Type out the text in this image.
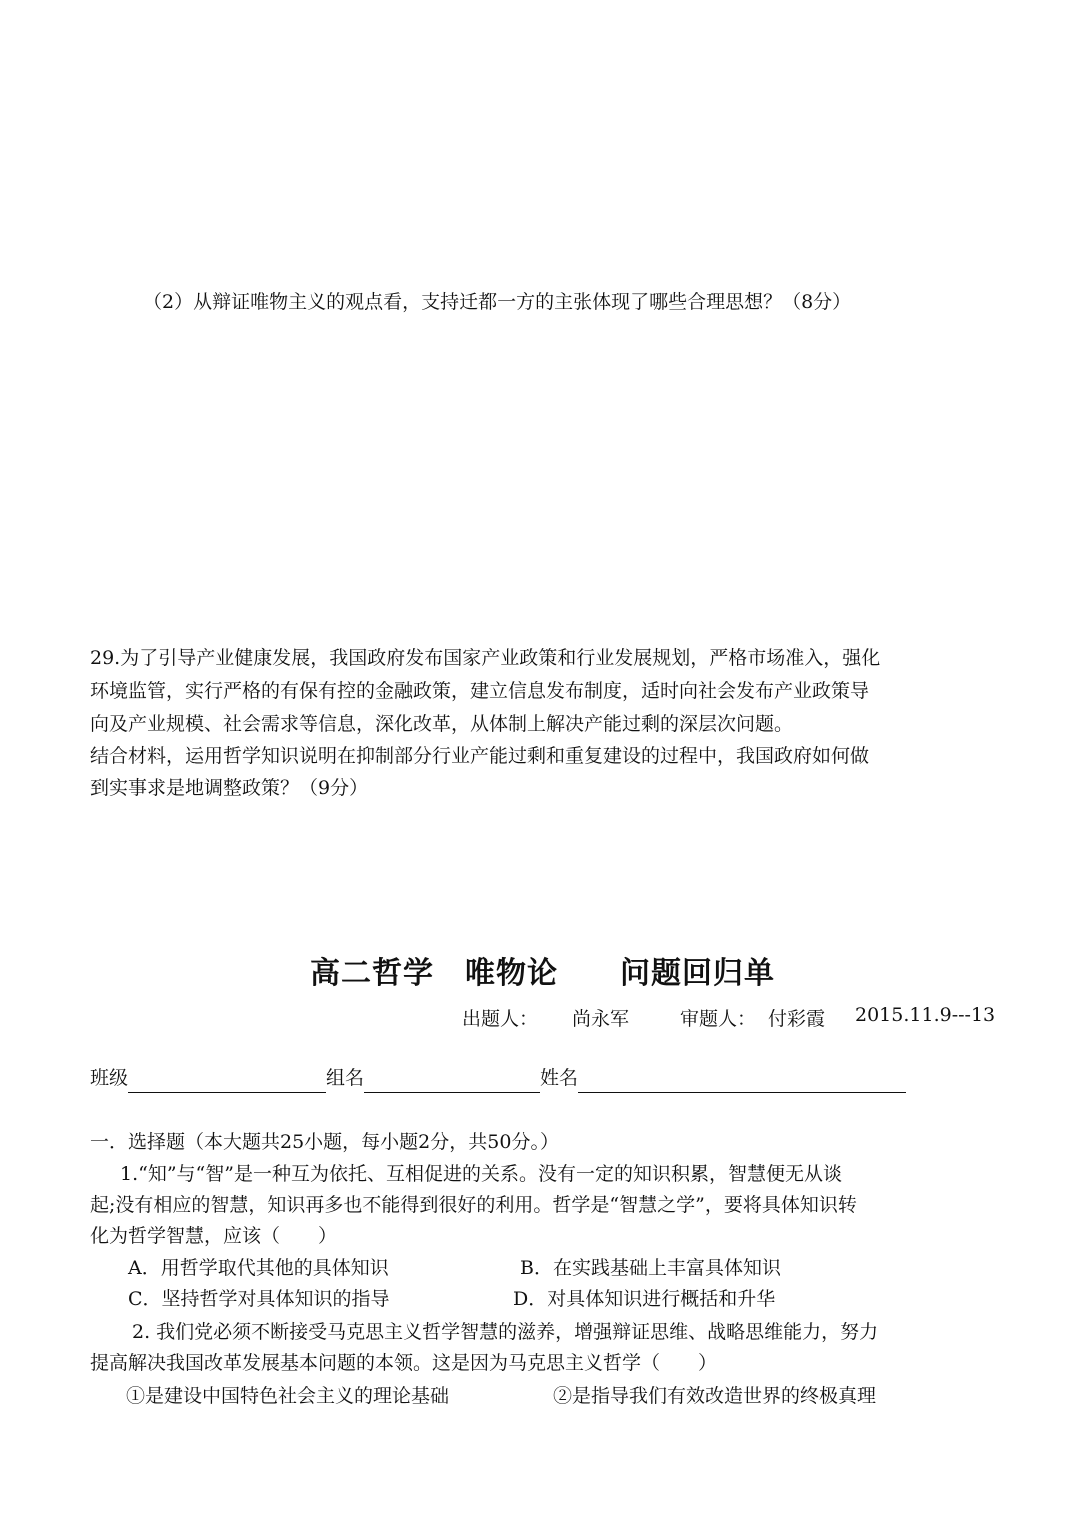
（2）从辩证唯物主义的观点看，支持迁都一方的主张体现了哪些合理思想？（8分）
29.为了引导产业健康发展，我国政府发布国家产业政策和行业发展规划，严格市场准入，强化
环境监管，实行严格的有保有控的金融政策，建立信息发布制度，适时向社会发布产业政策导
向及产业规模、社会需求等信息，深化改革，从体制上解决产能过剩的深层次问题。
结合材料，运用哲学知识说明在抑制部分行业产能过剩和重复建设的过程中，我国政府如何做
到实事求是地调整政策？（9分）
高二哲学　唯物论　　问题回归单
出题人： 尚永军	审题人： 付彩霞 2015.11.9---13
班级	组名	姓名
一．选择题（本大题共25小题，每小题2分，共50分。）
1.“知”与“智”是一种互为依托、互相促进的关系。没有一定的知识积累，智慧便无从谈
起;没有相应的智慧，知识再多也不能得到很好的利用。哲学是“智慧之学”，要将具体知识转
化为哲学智慧，应该（　　）
A．用哲学取代其他的具体知识	B．在实践基础上丰富具体知识
C．坚持哲学对具体知识的指导	D．对具体知识进行概括和升华
2. 我们党必须不断接受马克思主义哲学智慧的滋养，增强辩证思维、战略思维能力，努力
提高解决我国改革发展基本问题的本领。这是因为马克思主义哲学（　　）
①是建设中国特色社会主义的理论基础	②是指导我们有效改造世界的终极真理
